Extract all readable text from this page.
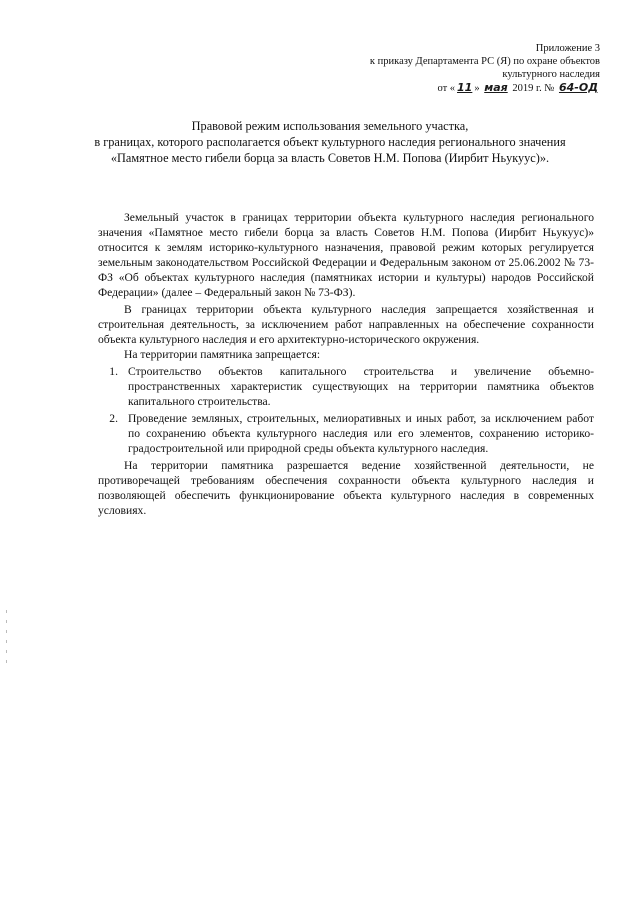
Приложение 3
к приказу Департамента РС (Я) по охране объектов
культурного наследия
от « 11 » мая 2019 г. № 64-ОД
Правовой режим использования земельного участка,
в границах, которого располагается объект культурного наследия регионального значения
«Памятное место гибели борца за власть Советов Н.М. Попова (Иирбит Ньукуус)».

Земельный участок в границах территории объекта культурного наследия регионального значения «Памятное место гибели борца за власть Советов Н.М. Попова (Иирбит Ньукуус)» относится к землям историко-культурного назначения, правовой режим которых регулируется земельным законодательством Российской Федерации и Федеральным законом от 25.06.2002 № 73-ФЗ «Об объектах культурного наследия (памятниках истории и культуры) народов Российской Федерации» (далее – Федеральный закон № 73-ФЗ).

В границах территории объекта культурного наследия запрещается хозяйственная и строительная деятельность, за исключением работ направленных на обеспечение сохранности объекта культурного наследия и его архитектурно-исторического окружения.

На территории памятника запрещается:

1. Строительство объектов капитального строительства и увеличение объемно-пространственных характеристик существующих на территории памятника объектов капитального строительства.
2. Проведение земляных, строительных, мелиоративных и иных работ, за исключением работ по сохранению объекта культурного наследия или его элементов, сохранению историко-градостроительной или природной среды объекта культурного наследия.

На территории памятника разрешается ведение хозяйственной деятельности, не противоречащей требованиям обеспечения сохранности объекта культурного наследия и позволяющей обеспечить функционирование объекта культурного наследия в современных условиях.
